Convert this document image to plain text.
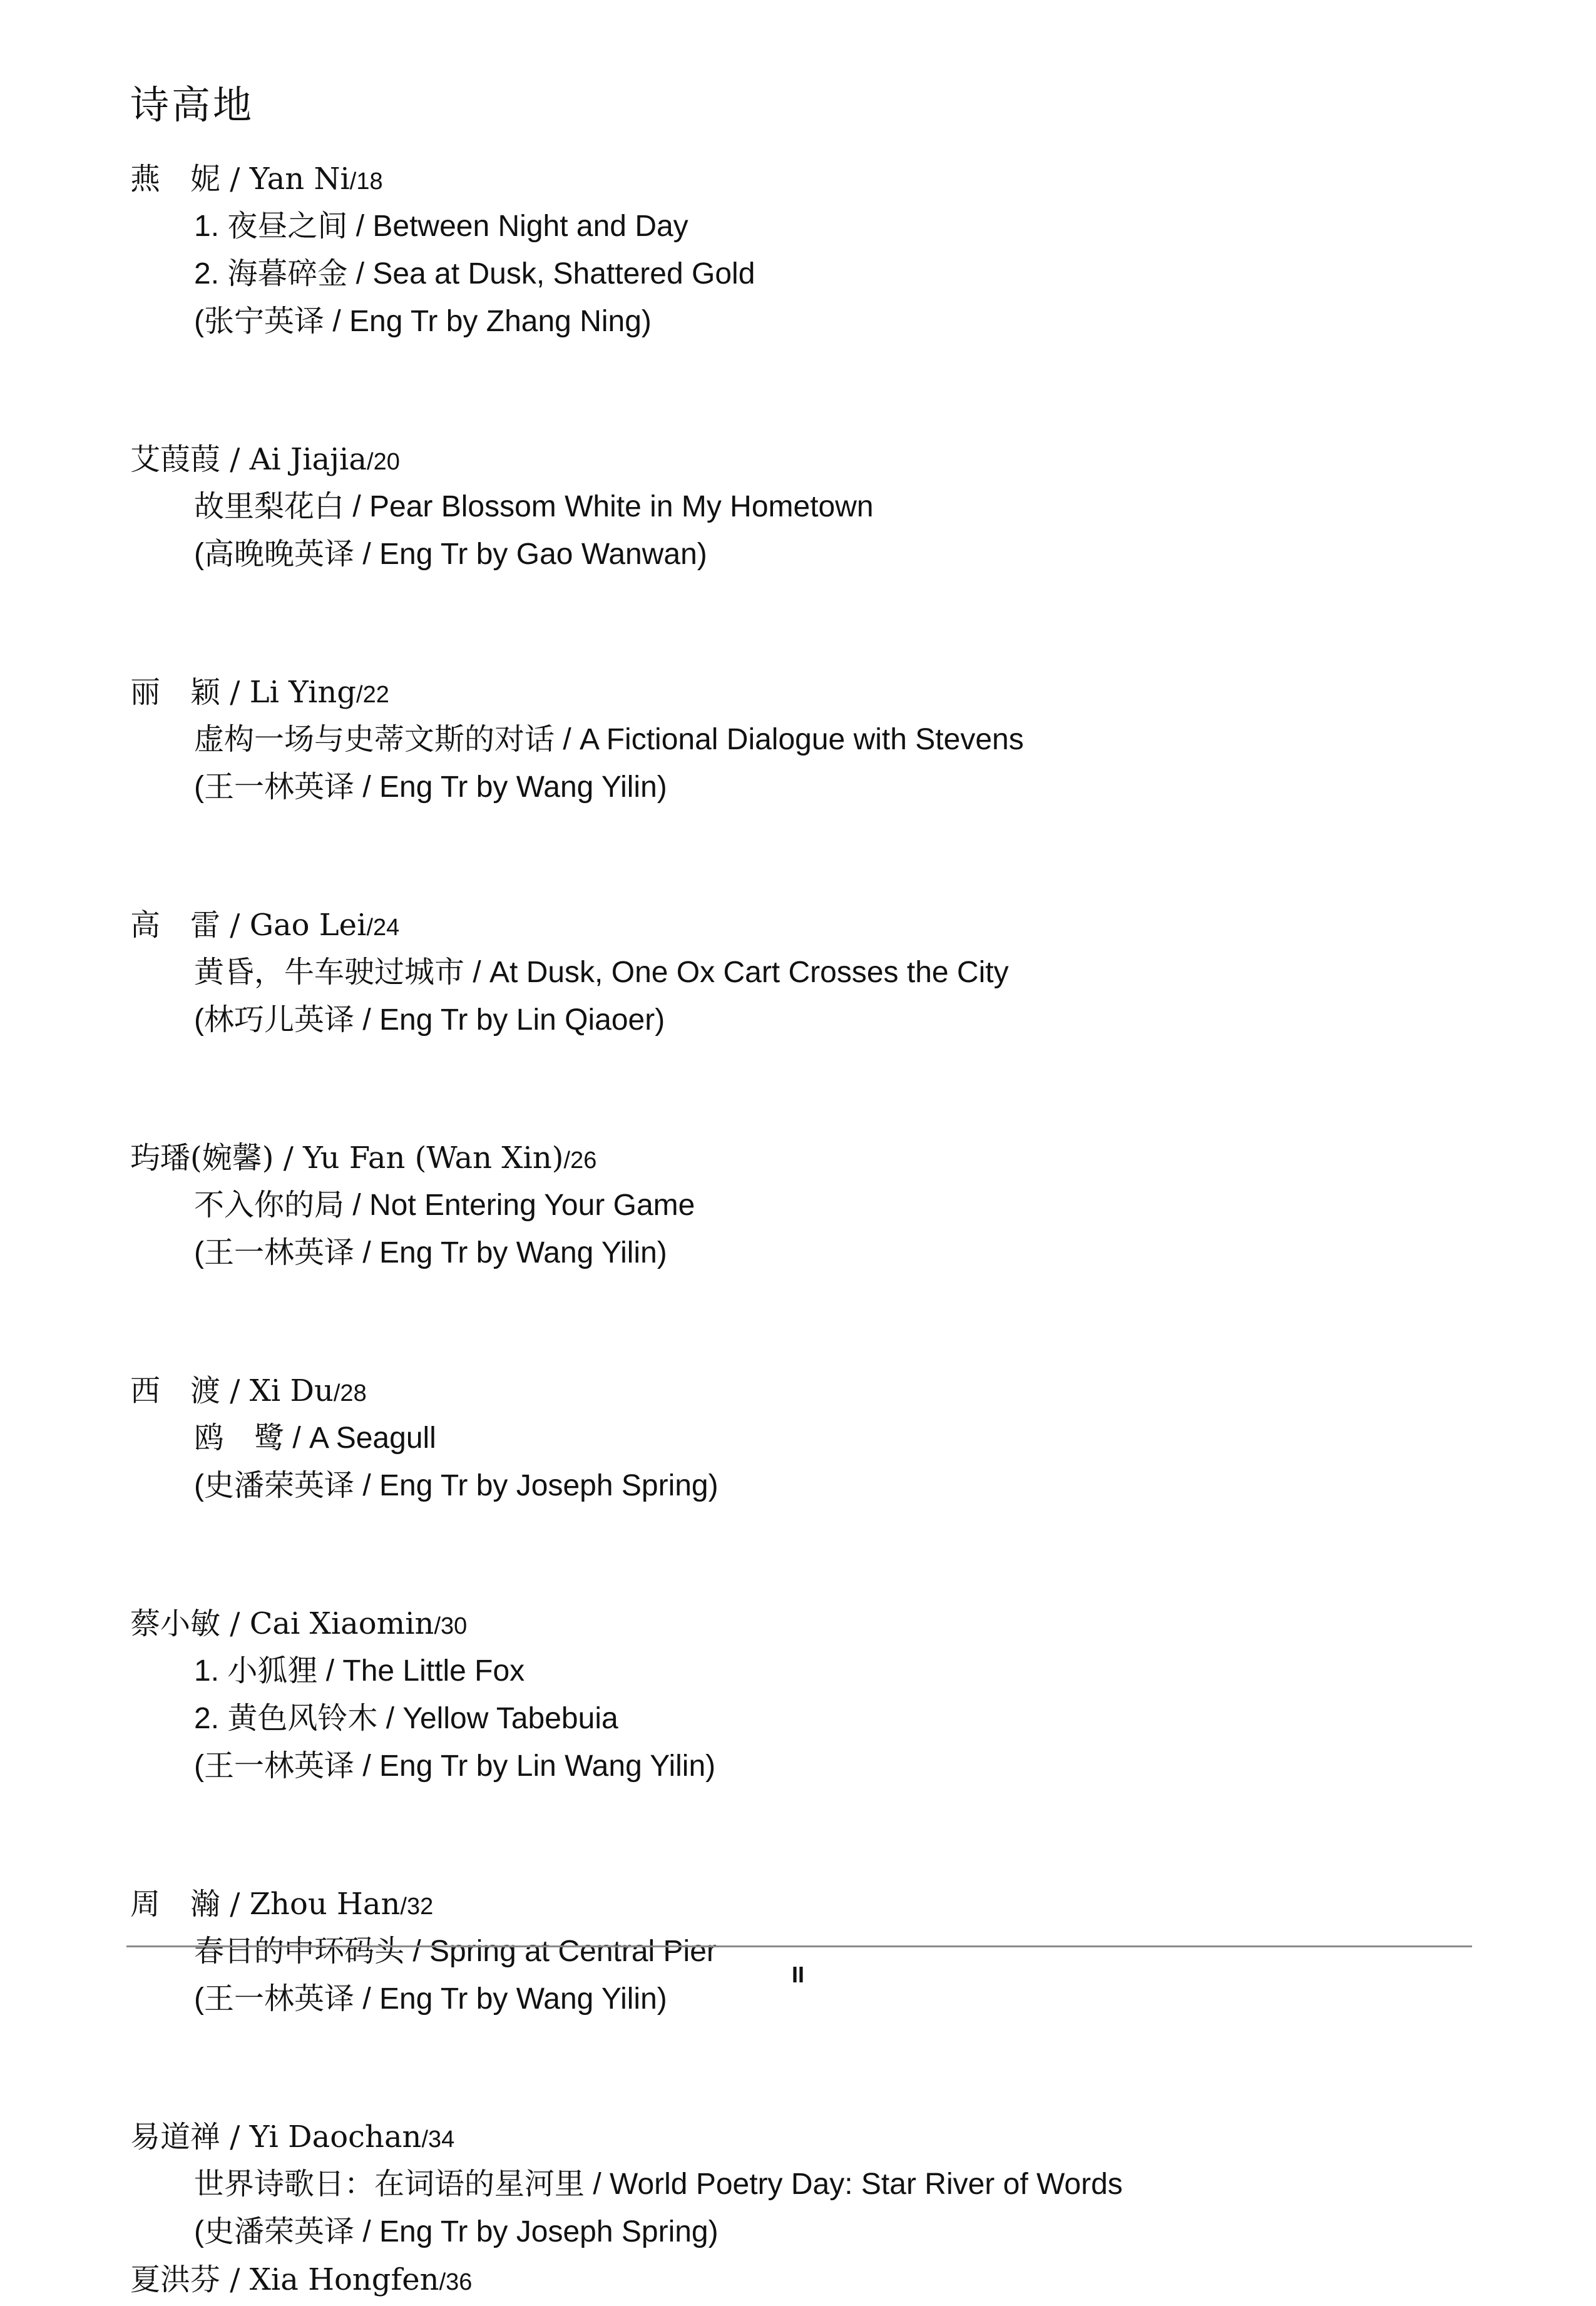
诗高地
燕　妮 / Yan Ni/18
1. 夜昼之间 / Between Night and Day
2. 海暮碎金 / Sea at Dusk, Shattered Gold
(张宁英译 / Eng Tr by Zhang Ning)
艾葭葭 / Ai Jiajia/20
故里梨花白 / Pear Blossom White in My Hometown
(高晚晚英译 / Eng Tr by Gao Wanwan)
丽　颖 / Li Ying/22
虚构一场与史蒂文斯的对话 / A Fictional Dialogue with Stevens
(王一林英译 / Eng Tr by Wang Yilin)
高　雷 / Gao Lei/24
黄昏，牛车驶过城市 / At Dusk, One Ox Cart Crosses the City
(林巧儿英译 / Eng Tr by Lin Qiaoer)
玙璠(婉馨) / Yu Fan (Wan Xin)/26
不入你的局 / Not Entering Your Game
(王一林英译 / Eng Tr by Wang Yilin)
西　渡 / Xi Du/28
鸥　鹭 / A Seagull
(史潘荣英译 / Eng Tr by Joseph Spring)
蔡小敏 / Cai Xiaomin/30
1. 小狐狸 / The Little Fox
2. 黄色风铃木 / Yellow Tabebuia
(王一林英译 / Eng Tr by Lin Wang Yilin)
周　瀚 / Zhou Han/32
春日的中环码头 / Spring at Central Pier
(王一林英译 / Eng Tr by Wang Yilin)
易道禅 / Yi Daochan/34
世界诗歌日：在词语的星河里 / World Poetry Day: Star River of Words
(史潘荣英译 / Eng Tr by Joseph Spring)
夏洪芬 / Xia Hongfen/36
II
